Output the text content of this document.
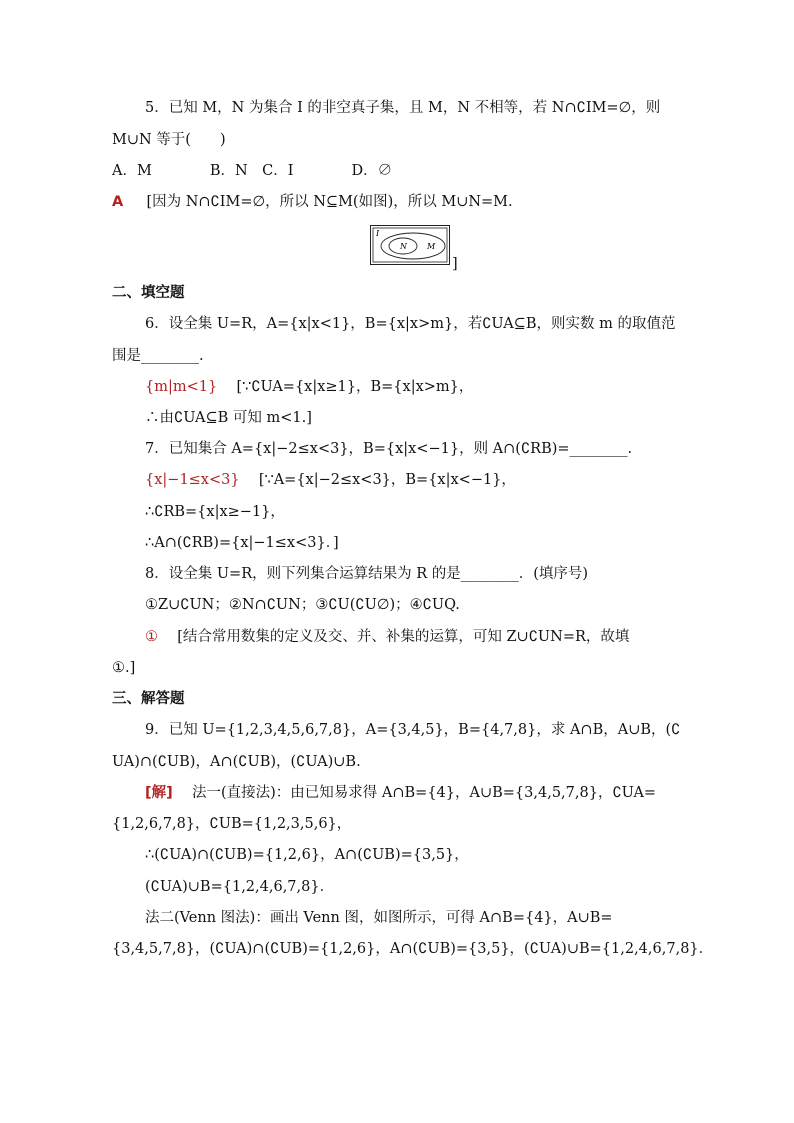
5．已知 M，N 为集合 I 的非空真子集，且 M，N 不相等，若 N∩∁IM=∅，则
M∪N 等于(　　)
A．M　　　　B．N　C．I　　　　D．∅
A [因为 N∩∁IM=∅，所以 N⊆M(如图)，所以 M∪N=M.
I
N	M
]
二、填空题
6．设全集 U=R，A={x|x<1}，B={x|x>m}，若∁UA⊆B，则实数 m 的取值范
围是________.
{m|m<1} [∵∁UA={x|x≥1}，B={x|x>m}，
∴由∁UA⊆B 可知 m<1.]
7．已知集合 A={x|−2≤x<3}，B={x|x<−1}，则 A∩(∁RB)=________.
{x|−1≤x<3} [∵A={x|−2≤x<3}，B={x|x<−1}，
∴∁RB={x|x≥−1}，
∴A∩(∁RB)={x|−1≤x<3}．]
8．设全集 U=R，则下列集合运算结果为 R 的是________．(填序号)
①Z∪∁UN；②N∩∁UN；③∁U(∁U∅)；④∁UQ.
① [结合常用数集的定义及交、并、补集的运算，可知 Z∪∁UN=R，故填
①.]
三、解答题
9．已知 U={1,2,3,4,5,6,7,8}，A={3,4,5}，B={4,7,8}，求 A∩B，A∪B，(∁
UA)∩(∁UB)，A∩(∁UB)，(∁UA)∪B.
[解] 法一(直接法)：由已知易求得 A∩B={4}，A∪B={3,4,5,7,8}，∁UA=
{1,2,6,7,8}，∁UB={1,2,3,5,6}，
∴(∁UA)∩(∁UB)={1,2,6}，A∩(∁UB)={3,5}，
(∁UA)∪B={1,2,4,6,7,8}．
法二(Venn 图法)：画出 Venn 图，如图所示，可得 A∩B={4}，A∪B=
{3,4,5,7,8}，(∁UA)∩(∁UB)={1,2,6}，A∩(∁UB)={3,5}，(∁UA)∪B={1,2,4,6,7,8}．
